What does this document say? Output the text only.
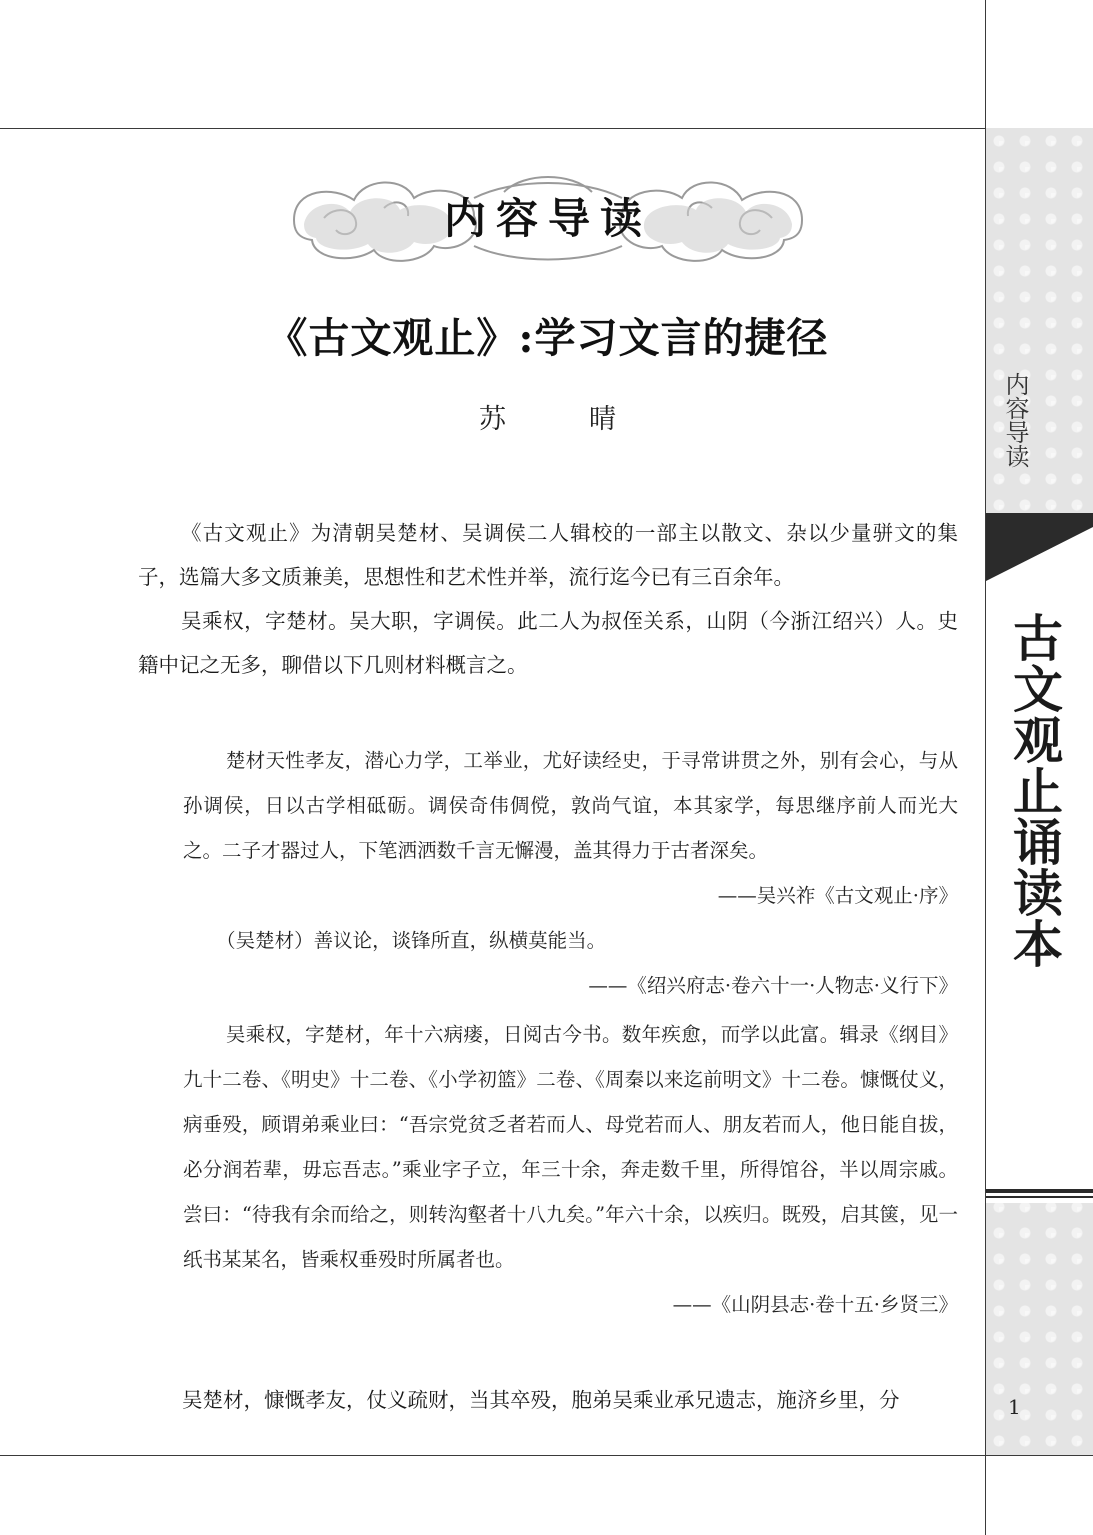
内容导读
古文观止诵读本
1
内容导读
《古文观止》:学习文言的捷径
苏　晴

《古文观止》为清朝吴楚材、吴调侯二人辑校的一部主以散文、杂以少量骈文的集子，选篇大多文质兼美，思想性和艺术性并举，流行迄今已有三百余年。

吴乘权，字楚材。吴大职，字调侯。此二人为叔侄关系，山阴（今浙江绍兴）人。史籍中记之无多，聊借以下几则材料概言之。

楚材天性孝友，潜心力学，工举业，尤好读经史，于寻常讲贯之外，别有会心，与从孙调侯，日以古学相砥砺。调侯奇伟倜傥，敦尚气谊，本其家学，每思继序前人而光大之。二子才器过人，下笔洒洒数千言无懈漫，盖其得力于古者深矣。

——吴兴祚《古文观止·序》

（吴楚材）善议论，谈锋所直，纵横莫能当。

——《绍兴府志·卷六十一·人物志·义行下》

吴乘权，字楚材，年十六病瘘，日阅古今书。数年疾愈，而学以此富。辑录《纲目》九十二卷、《明史》十二卷、《小学初篮》二卷、《周秦以来迄前明文》十二卷。慷慨仗义，病垂殁，顾谓弟乘业曰：“吾宗党贫乏者若而人、母党若而人、朋友若而人，他日能自拔，必分润若辈，毋忘吾志。”乘业字子立，年三十余，奔走数千里，所得馆谷，半以周宗戚。尝曰：“待我有余而给之，则转沟壑者十八九矣。”年六十余，以疾归。既殁，启其箧，见一纸书某某名，皆乘权垂殁时所属者也。

——《山阴县志·卷十五·乡贤三》

吴楚材，慷慨孝友，仗义疏财，当其卒殁，胞弟吴乘业承兄遗志，施济乡里，分
